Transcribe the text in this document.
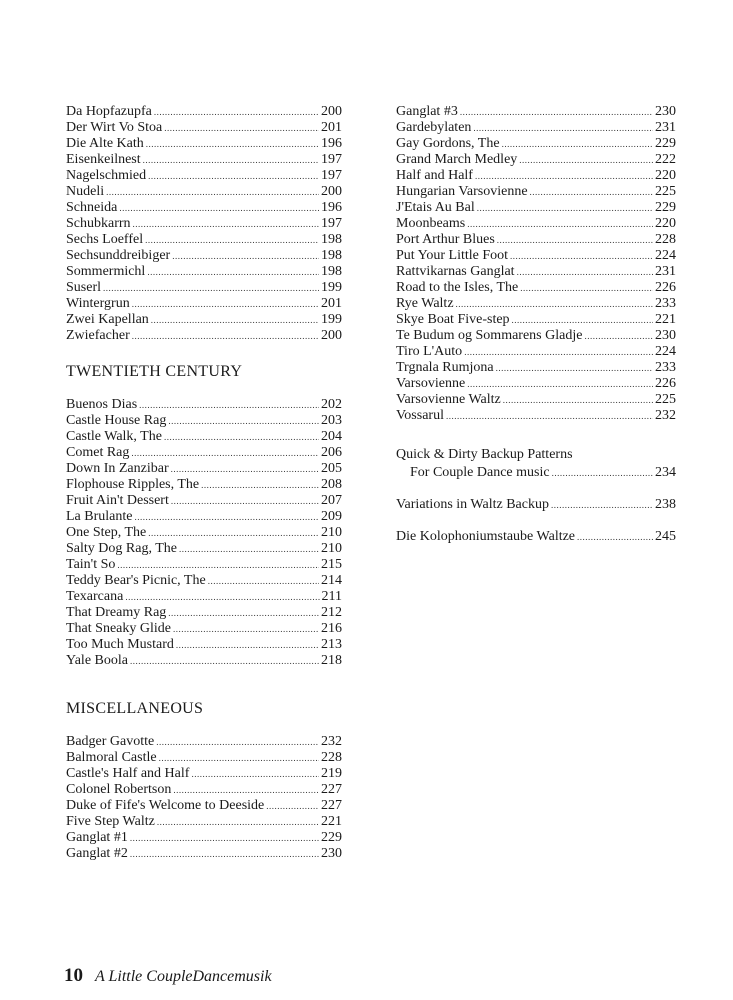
Da Hopfazupfa .....	200
Der Wirt Vo Stoa .....	201
Die Alte Kath .....	196
Eisenkeilnest .....	197
Nagelschmied .....	197
Nudeli .....	200
Schneida .....	196
Schubkarrn .....	197
Sechs Loeffel .....	198
Sechsunddreibiger .....	198
Sommermichl .....	198
Suserl .....	199
Wintergrun .....	201
Zwei Kapellan .....	199
Zwiefacher .....	200
TWENTIETH CENTURY
Buenos Dias .....	202
Castle House Rag .....	203
Castle Walk, The .....	204
Comet Rag .....	206
Down In Zanzibar .....	205
Flophouse Ripples, The .....	208
Fruit Ain't Dessert .....	207
La Brulante .....	209
One Step, The .....	210
Salty Dog Rag, The .....	210
Tain't So .....	215
Teddy Bear's Picnic, The .....	214
Texarcana .....	211
That Dreamy Rag .....	212
That Sneaky Glide .....	216
Too Much Mustard .....	213
Yale Boola .....	218
MISCELLANEOUS
Badger Gavotte .....	232
Balmoral Castle .....	228
Castle's Half and Half .....	219
Colonel Robertson .....	227
Duke of Fife's Welcome to Deeside .....	227
Five Step Waltz .....	221
Ganglat #1 .....	229
Ganglat #2 .....	230
Ganglat #3 .....	230
Gardebylaten .....	231
Gay Gordons, The .....	229
Grand March Medley .....	222
Half and Half .....	220
Hungarian Varsovienne .....	225
J'Etais Au Bal .....	229
Moonbeams .....	220
Port Arthur Blues .....	228
Put Your Little Foot .....	224
Rattvikarnas Ganglat .....	231
Road to the Isles, The .....	226
Rye Waltz .....	233
Skye Boat Five-step .....	221
Te Budum og Sommarens Gladje .....	230
Tiro L'Auto .....	224
Trgnala Rumjona .....	233
Varsovienne .....	226
Varsovienne Waltz .....	225
Vossarul .....	232
Quick & Dirty Backup Patterns
For Couple Dance music .....	234
Variations in Waltz Backup .....	238
Die Kolophoniumstaube Waltze .....	245
10 A Little CoupleDancemusik
